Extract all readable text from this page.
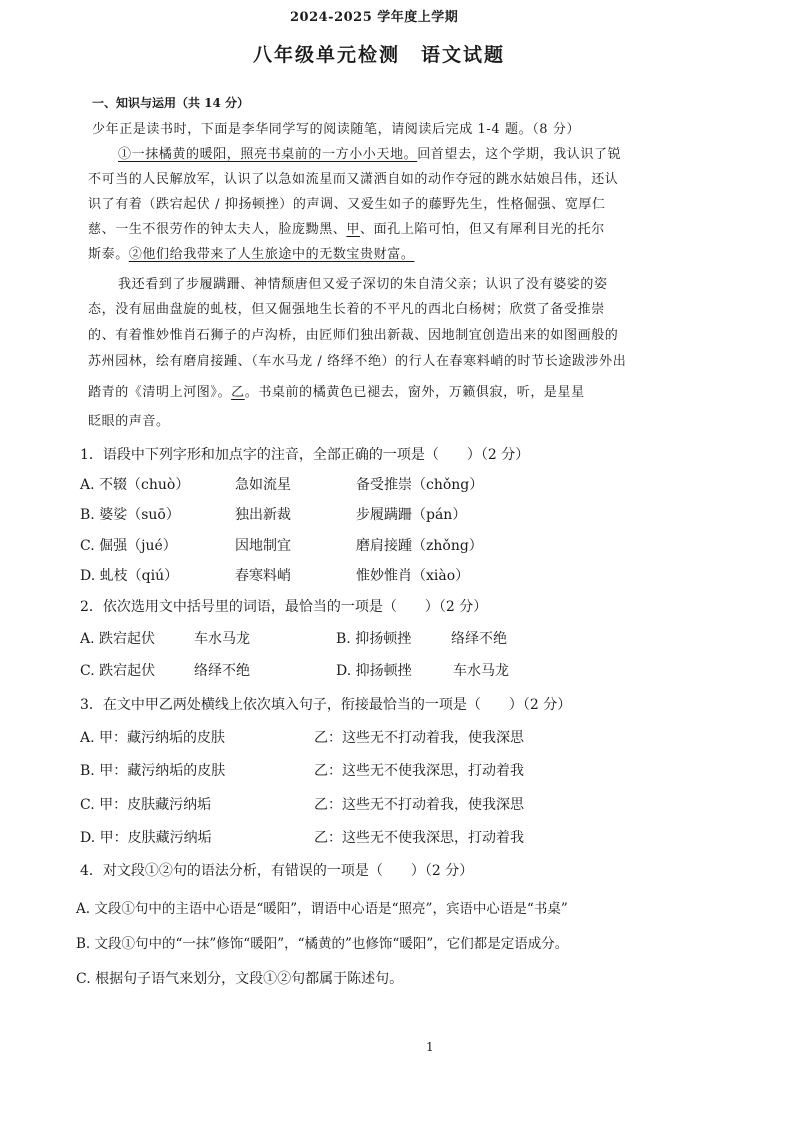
2024-2025 学年度上学期
八年级单元检测　语文试题
一、知识与运用（共 14 分）
少年正是读书时，下面是李华同学写的阅读随笔，请阅读后完成 1-4 题。（8 分）
①一抹橘黄的暖阳，照亮书桌前的一方小小天地。回首望去，这个学期，我认识了锐
不可当的人民解放军，认识了以急如流星而又潇洒自如的动作夺冠的跳水姑娘吕伟，还认
识了有着（跌宕起伏 / 抑扬顿挫）的声调、又爱生如子的藤野先生，性格倔强、宽厚仁
慈、一生不很劳作的钟太夫人，脸庞黝黑、甲、面孔上陷可怕，但又有犀利目光的托尔
斯泰。②他们给我带来了人生旅途中的无数宝贵财富。
我还看到了步履蹒跚、神情颓唐但又爱子深切的朱自清父亲；认识了没有婆娑的姿
态，没有屈曲盘旋的虬枝，但又倔强地生长着的不平凡的西北白杨树；欣赏了备受推崇
的、有着惟妙惟肖石狮子的卢沟桥，由匠师们独出新裁、因地制宜创造出来的如图画般的
苏州园林，绘有磨肩接踵、（车水马龙 / 络绎不绝）的行人在春寒料峭的时节长途跋涉外出
踏青的《清明上河图》。乙。书桌前的橘黄色已褪去，窗外，万籁俱寂，听，是星星
眨眼的声音。
1．语段中下列字形和加点字的注音，全部正确的一项是（　　）（2 分）
A. 不辍（chuò）	急如流星	备受推崇（chǒng）
B. 婆娑（suō）	独出新裁	步履蹒跚（pán）
C. 倔强（jué）	因地制宜	磨肩接踵（zhǒng）
D. 虬枝（qiú）	春寒料峭	惟妙惟肖（xiào）
2．依次选用文中括号里的词语，最恰当的一项是（　　）（2 分）
A. 跌宕起伏	车水马龙	B. 抑扬顿挫	络绎不绝
C. 跌宕起伏	络绎不绝	D. 抑扬顿挫	车水马龙
3．在文中甲乙两处横线上依次填入句子，衔接最恰当的一项是（　　）（2 分）
A. 甲：藏污纳垢的皮肤	乙：这些无不打动着我，使我深思
B. 甲：藏污纳垢的皮肤	乙：这些无不使我深思，打动着我
C. 甲：皮肤藏污纳垢	乙：这些无不打动着我，使我深思
D. 甲：皮肤藏污纳垢	乙：这些无不使我深思，打动着我
4．对文段①②句的语法分析，有错误的一项是（　　）（2 分）
A. 文段①句中的主语中心语是“暖阳”，谓语中心语是“照亮”，宾语中心语是“书桌”
B. 文段①句中的“一抹”修饰“暖阳”，“橘黄的”也修饰“暖阳”，它们都是定语成分。
C. 根据句子语气来划分，文段①②句都属于陈述句。
1
